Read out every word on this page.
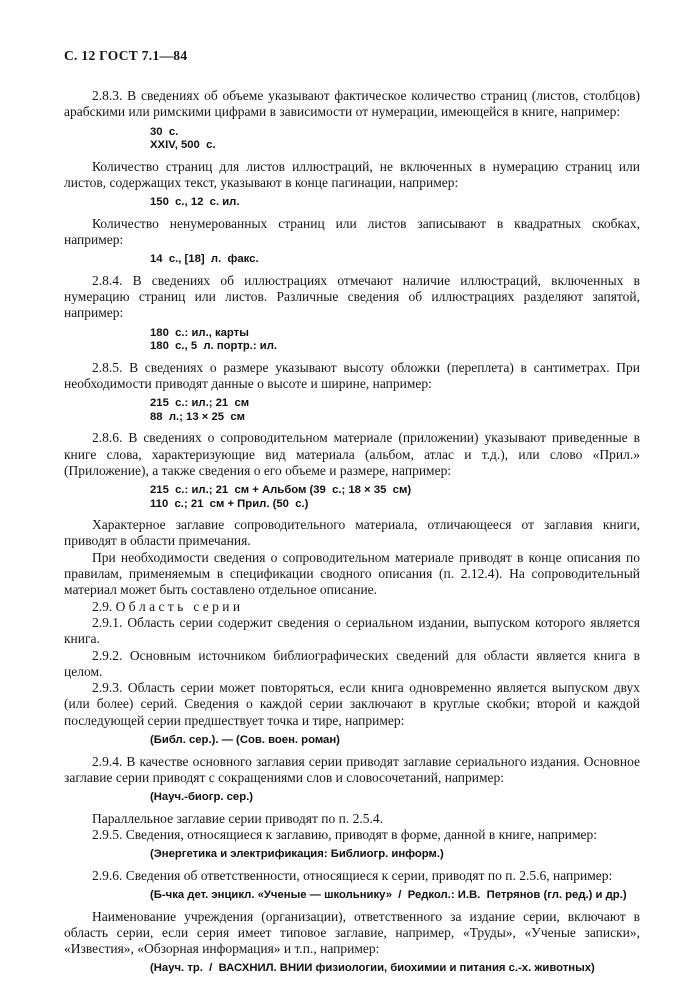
С. 12 ГОСТ 7.1—84

2.8.3. В сведениях об объеме указывают фактическое количество страниц (листов, столбцов) арабскими или римскими цифрами в зависимости от нумерации, имеющейся в книге, например:

30  с.
XXIV, 500  с.

Количество страниц для листов иллюстраций, не включенных в нумерацию страниц или листов, содержащих текст, указывают в конце пагинации, например:

150  с., 12  с. ил.

Количество ненумерованных страниц или листов записывают в квадратных скобках, например:

14  с., [18]  л.  факс.

2.8.4. В сведениях об иллюстрациях отмечают наличие иллюстраций, включенных в нумерацию страниц или листов. Различные сведения об иллюстрациях разделяют запятой, например:

180  с.: ил., карты
180  с., 5  л. портр.: ил.

2.8.5. В сведениях о размере указывают высоту обложки (переплета) в сантиметрах. При необходимости приводят данные о высоте и ширине, например:

215  с.: ил.; 21  см
88  л.; 13 × 25  см

2.8.6. В сведениях о сопроводительном материале (приложении) указывают приведенные в книге слова, характеризующие вид материала (альбом, атлас и т.д.), или слово «Прил.» (Приложение), а также сведения о его объеме и размере, например:

215  с.: ил.; 21  см + Альбом (39  с.; 18 × 35  см)
110  с.; 21  см + Прил. (50  с.)

Характерное заглавие сопроводительного материала, отличающееся от заглавия книги, приводят в области примечания.

При необходимости сведения о сопроводительном материале приводят в конце описания по правилам, применяемым в спецификации сводного описания (п. 2.12.4). На сопроводительный материал может быть составлено отдельное описание.

2.9. О б л а с т ь   с е р и и

2.9.1. Область серии содержит сведения о сериальном издании, выпуском которого является книга.

2.9.2. Основным источником библиографических сведений для области является книга в целом.

2.9.3. Область серии может повторяться, если книга одновременно является выпуском двух (или более) серий. Сведения о каждой серии заключают в круглые скобки; второй и каждой последующей серии предшествует точка и тире, например:

(Библ. сер.). — (Сов. воен. роман)

2.9.4. В качестве основного заглавия серии приводят заглавие сериального издания. Основное заглавие серии приводят с сокращениями слов и словосочетаний, например:

(Науч.-биогр. сер.)

Параллельное заглавие серии приводят по п. 2.5.4.

2.9.5. Сведения, относящиеся к заглавию, приводят в форме, данной в книге, например:

(Энергетика и электрификация: Библиогр. информ.)

2.9.6. Сведения об ответственности, относящиеся к серии, приводят по п. 2.5.6, например:

(Б-чка дет. энцикл. «Ученые — школьнику»  /  Редкол.: И.В.  Петрянов (гл. ред.) и др.)

Наименование учреждения (организации), ответственного за издание серии, включают в область серии, если серия имеет типовое заглавие, например, «Труды», «Ученые записки», «Известия», «Обзорная информация» и т.п., например:

(Науч. тр.  /  ВАСХНИЛ. ВНИИ физиологии, биохимии и питания с.-х. животных)
